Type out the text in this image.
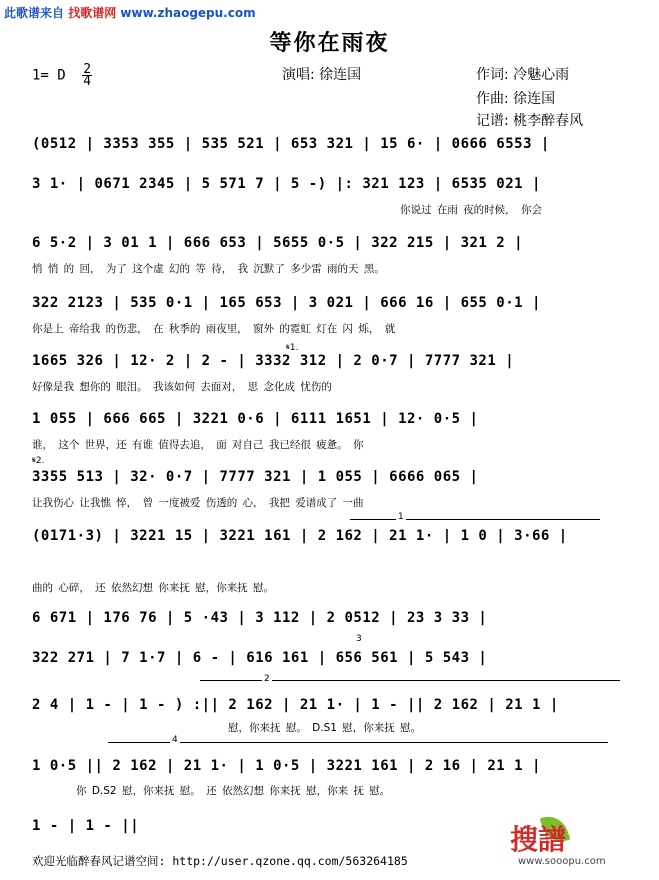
此歌谱来自 找歌谱网 www.zhaogepu.com
等你在雨夜
1= D $\frac{2}{4}$	演唱: 徐连国	作词: 冷魅心雨
作曲: 徐连国
记谱: 桃李醉春风
(0512 | 3353 355 | 535 521 | 653 321 | 15 6· | 0666 6553 |
3 1· | 0671 2345 | 5 571 7 | 5 -) |: 321 123 | 6535 021 |
你说过 在雨 夜的时候， 你会
6 5·2 | 3 01 1 | 666 653 | 5655 0·5 | 322 215 | 321 2 |
悄 悄 的 回， 为了 这个虚 幻的 等 待， 我 沉默了 多少雷 雨的天 黑。
322 2123 | 535 0·1 | 165 653 | 3 021 | 666 16 | 655 0·1 |
你是上 帝给我 的伤悲， 在 秋季的 雨夜里， 窗外 的霓虹 灯在 闪 烁， 就
𝄋1.
1665 326 | 12· 2 | 2 - | 3332 312 | 2 0·7 | 7777 321 |
好像是我 想你的 眼泪。 我该如何 去面对， 思 念化成 忧伤的
1 055 | 666 665 | 3221 0·6 | 6111 1651 | 12· 0·5 |
谁， 这个 世界，还 有谁 值得去追， 面 对自己 我已经很 疲惫。 你
𝄋2.
3355 513 | 32· 0·7 | 7777 321 | 1 055 | 6666 065 |
让我伤心 让我憔 悴， 曾 一度被爱 伤透的 心， 我把 爱谱成了 一曲
1
(0171·3) | 3221 15 | 3221 161 | 2 162 | 21 1· | 1 0 | 3·66 |
曲的 心碎， 还 依然幻想 你来抚 慰，你来抚 慰。
6 671 | 176 76 | 5 ·43 | 3 112 | 2 0512 | 23 3 33 |
3
322 271 | 7 1·7 | 6 - | 616 161 | 656 561 | 5 543 |
2
2 4 | 1 - | 1 - ) :|| 2 162 | 21 1· | 1 - || 2 162 | 21 1 |
慰，你来抚 慰。 D.S1 慰，你来抚 慰。
4
1 0·5 || 2 162 | 21 1· | 1 0·5 | 3221 161 | 2 16 | 21 1 |
你 D.S2 慰，你来抚 慰。 还 依然幻想 你来抚 慰，你来 抚 慰。
1 - | 1 - ||
欢迎光临醉春风记谱空间: http://user.qzone.qq.com/563264185
搜譜
www.sooopu.com
